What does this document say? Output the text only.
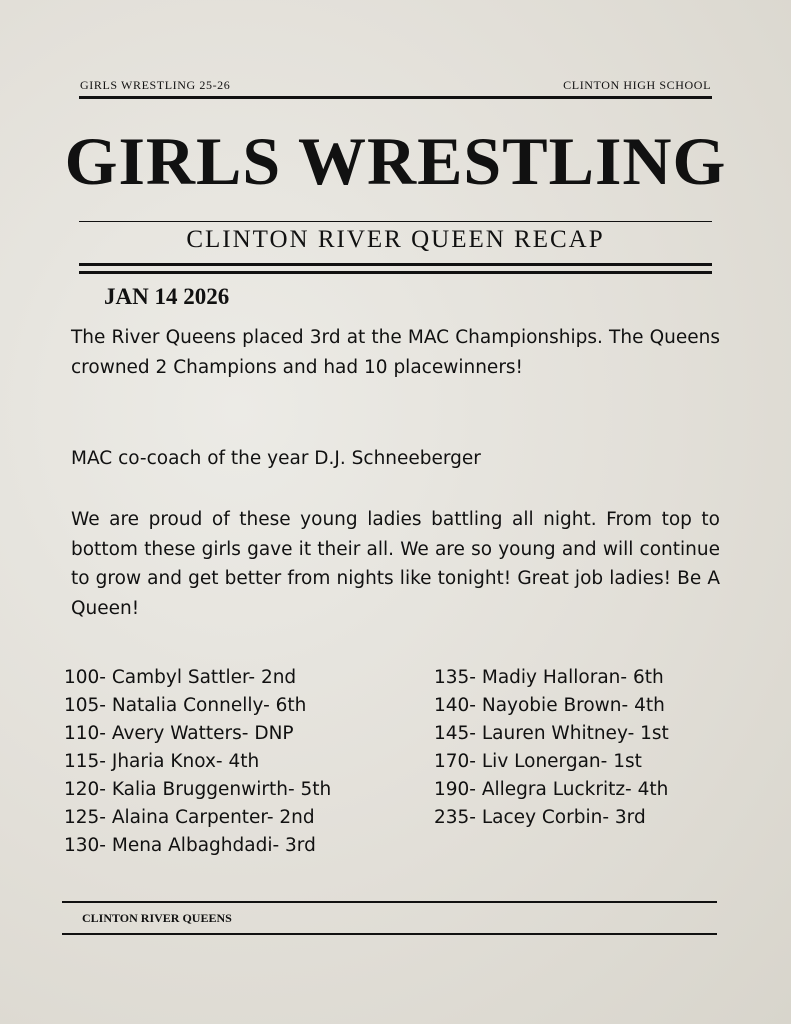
GIRLS WRESTLING 25-26	CLINTON HIGH SCHOOL
GIRLS WRESTLING
CLINTON RIVER QUEEN RECAP
JAN 14 2026

The River Queens placed 3rd at the MAC Championships. The Queens crowned 2 Champions and had 10 placewinners!

MAC co-coach of the year D.J. Schneeberger

We are proud of these young ladies battling all night. From top to bottom these girls gave it their all. We are so young and will continue to grow and get better from nights like tonight! Great job ladies! Be A Queen!

100- Cambyl Sattler- 2nd
105- Natalia Connelly- 6th
110- Avery Watters- DNP
115- Jharia Knox- 4th
120- Kalia Bruggenwirth- 5th
125- Alaina Carpenter- 2nd
130- Mena Albaghdadi- 3rd
135- Madiy Halloran- 6th
140- Nayobie Brown- 4th
145- Lauren Whitney- 1st
170- Liv Lonergan- 1st
190- Allegra Luckritz- 4th
235- Lacey Corbin- 3rd
CLINTON RIVER QUEENS
